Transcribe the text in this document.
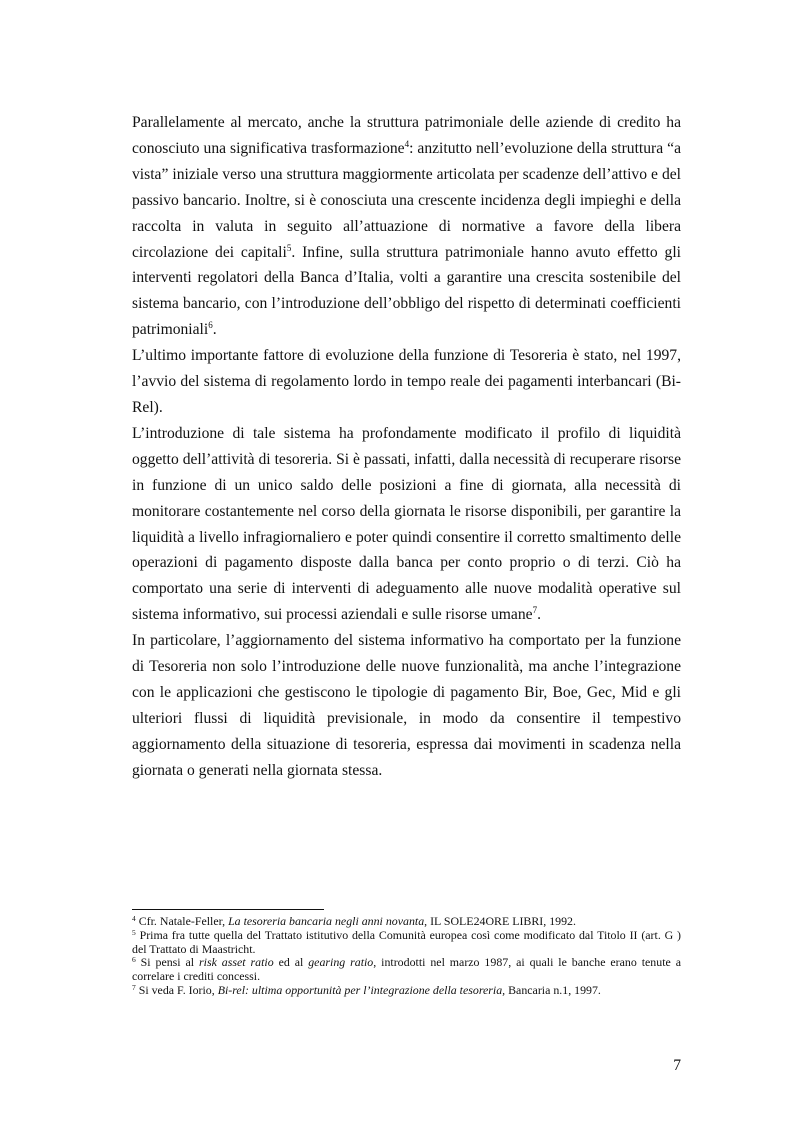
Parallelamente al mercato, anche la struttura patrimoniale delle aziende di credito ha conosciuto una significativa trasformazione$^4$: anzitutto nell’evoluzione della struttura “a vista” iniziale verso una struttura maggiormente articolata per scadenze dell’attivo e del passivo bancario. Inoltre, si è conosciuta una crescente incidenza degli impieghi e della raccolta in valuta in seguito all’attuazione di normative a favore della libera circolazione dei capitali$^5$. Infine, sulla struttura patrimoniale hanno avuto effetto gli interventi regolatori della Banca d’Italia, volti a garantire una crescita sostenibile del sistema bancario, con l’introduzione dell’obbligo del rispetto di determinati coefficienti patrimoniali$^6$.

L’ultimo importante fattore di evoluzione della funzione di Tesoreria è stato, nel 1997, l’avvio del sistema di regolamento lordo in tempo reale dei pagamenti interbancari (Bi-Rel).

L’introduzione di tale sistema ha profondamente modificato il profilo di liquidità oggetto dell’attività di tesoreria. Si è passati, infatti, dalla necessità di recuperare risorse in funzione di un unico saldo delle posizioni a fine di giornata, alla necessità di monitorare costantemente nel corso della giornata le risorse disponibili, per garantire la liquidità a livello infragiornaliero e poter quindi consentire il corretto smaltimento delle operazioni di pagamento disposte dalla banca per conto proprio o di terzi. Ciò ha comportato una serie di interventi di adeguamento alle nuove modalità operative sul sistema informativo, sui processi aziendali e sulle risorse umane$^7$.

In particolare, l’aggiornamento del sistema informativo ha comportato per la funzione di Tesoreria non solo l’introduzione delle nuove funzionalità, ma anche l’integrazione con le applicazioni che gestiscono le tipologie di pagamento Bir, Boe, Gec, Mid e gli ulteriori flussi di liquidità previsionale, in modo da consentire il tempestivo aggiornamento della situazione di tesoreria, espressa dai movimenti in scadenza nella giornata o generati nella giornata stessa.

$^4$ Cfr. Natale-Feller, La tesoreria bancaria negli anni novanta, IL SOLE24ORE LIBRI, 1992.

$^5$ Prima fra tutte quella del Trattato istitutivo della Comunità europea così come modificato dal Titolo II (art. G ) del Trattato di Maastricht.

$^6$ Si pensi al risk asset ratio ed al gearing ratio, introdotti nel marzo 1987, ai quali le banche erano tenute a correlare i crediti concessi.

$^7$ Si veda F. Iorio, Bi-rel: ultima opportunità per l’integrazione della tesoreria, Bancaria n.1, 1997.

7
